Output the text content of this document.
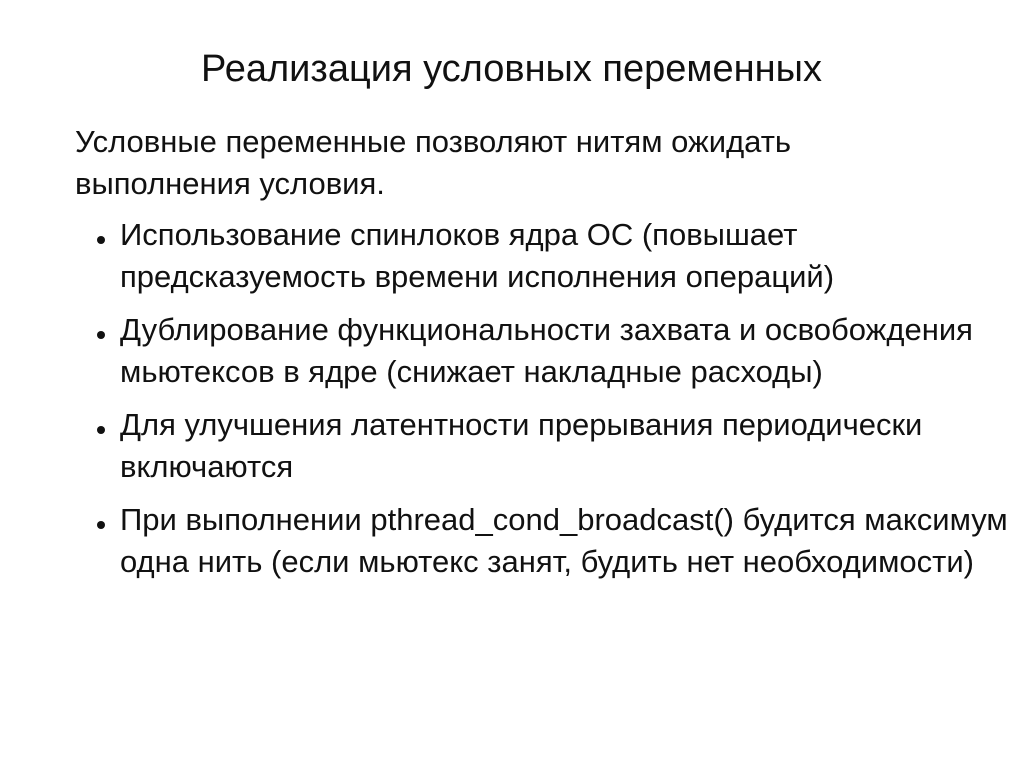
Реализация условных переменных

Условные переменные позволяют нитям ожидать выполнения условия.

Использование спинлоков ядра ОС (повышает предсказуемость времени исполнения операций)
Дублирование функциональности захвата и освобождения мьютексов в ядре (снижает накладные расходы)
Для улучшения латентности прерывания периодически включаются
При выполнении pthread_cond_broadcast() будится максимум одна нить (если мьютекс занят, будить нет необходимости)
